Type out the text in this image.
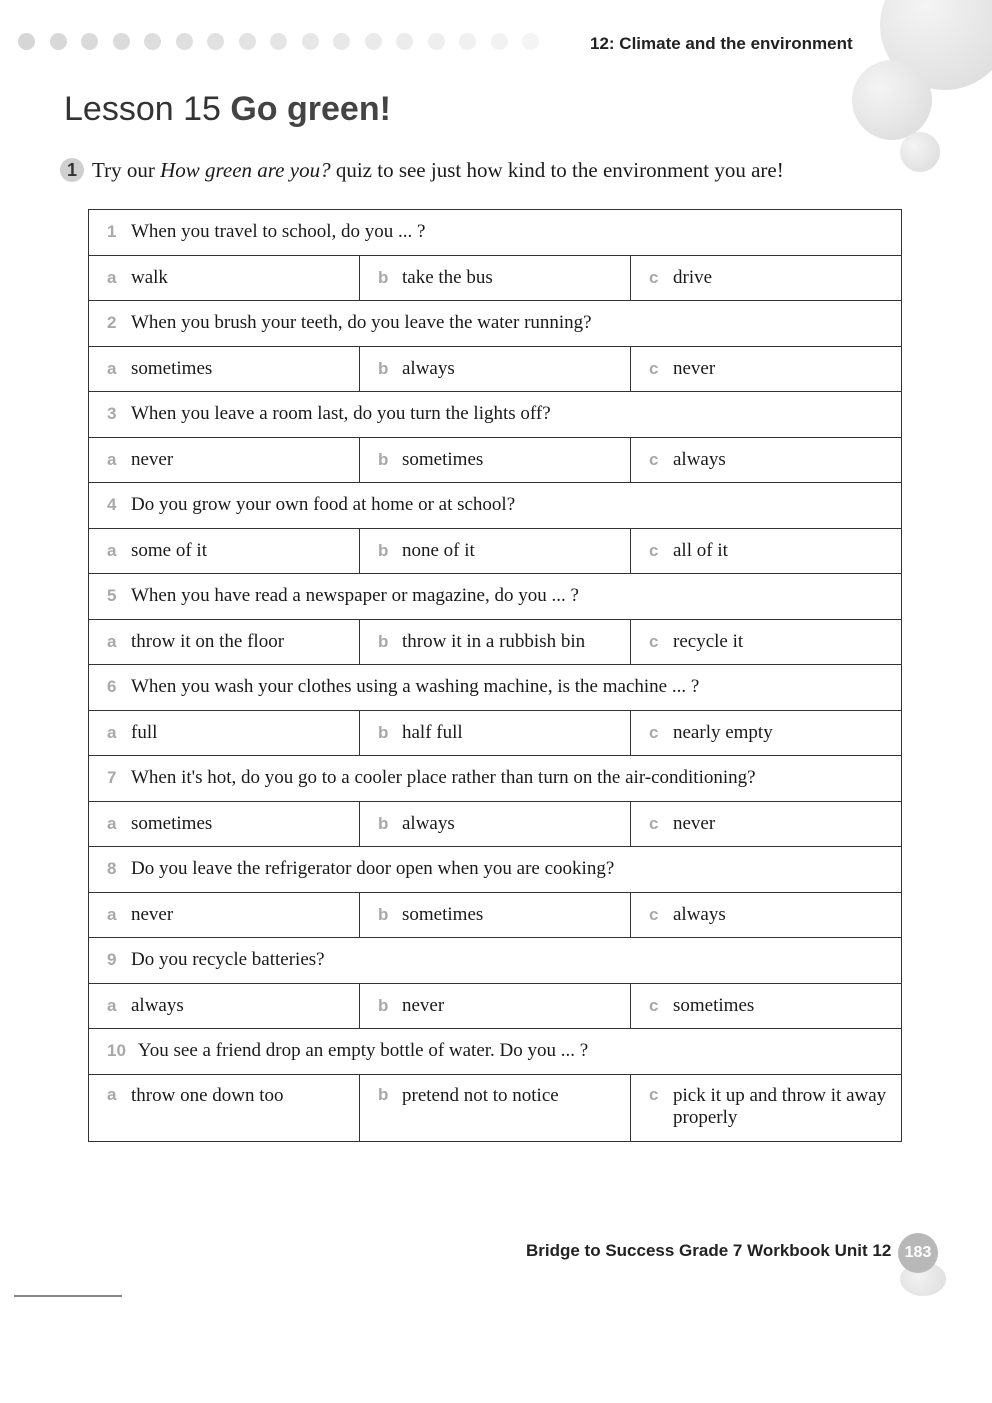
12: Climate and the environment
Lesson 15 Go green!
1 Try our How green are you? quiz to see just how kind to the environment you are!
1 When you travel to school, do you ... ?
a walk	b take the bus	c drive
2 When you brush your teeth, do you leave the water running?
a sometimes	b always	c never
3 When you leave a room last, do you turn the lights off?
a never	b sometimes	c always
4 Do you grow your own food at home or at school?
a some of it	b none of it	c all of it
5 When you have read a newspaper or magazine, do you ... ?
a throw it on the floor	b throw it in a rubbish bin	c recycle it
6 When you wash your clothes using a washing machine, is the machine ... ?
a full	b half full	c nearly empty
7 When it's hot, do you go to a cooler place rather than turn on the air-conditioning?
a sometimes	b always	c never
8 Do you leave the refrigerator door open when you are cooking?
a never	b sometimes	c always
9 Do you recycle batteries?
a always	b never	c sometimes
10 You see a friend drop an empty bottle of water. Do you ... ?
a throw one down too	b pretend not to notice	c pick it up and throw it away properly
Bridge to Success Grade 7 Workbook Unit 12 183
